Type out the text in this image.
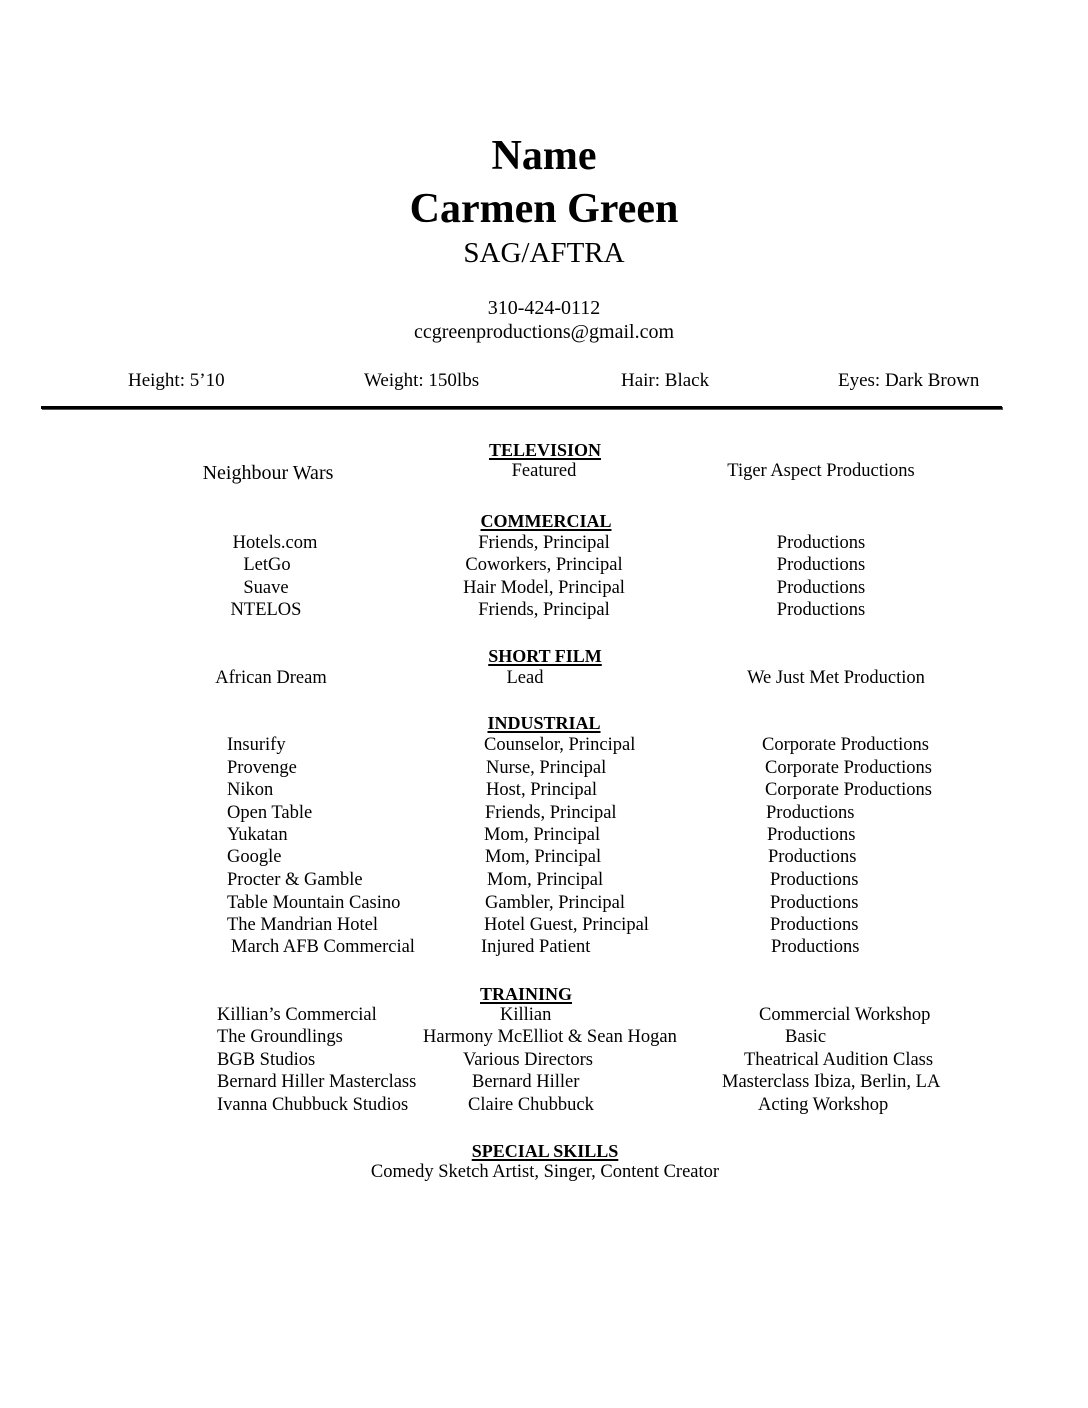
Name
Carmen Green
SAG/AFTRA
310-424-0112
ccgreenproductions@gmail.com
Height: 5’10	Weight: 150lbs	Hair: Black	Eyes: Dark Brown
TELEVISION
Neighbour Wars	Featured	Tiger Aspect Productions
COMMERCIAL
Hotels.com	Friends, Principal	Productions
LetGo	Coworkers, Principal	Productions
Suave	Hair Model, Principal	Productions
NTELOS	Friends, Principal	Productions
SHORT FILM
African Dream	Lead	We Just Met Production
INDUSTRIAL
Insurify	Counselor, Principal	Corporate Productions
Provenge	Nurse, Principal	Corporate Productions
Nikon	Host, Principal	Corporate Productions
Open Table	Friends, Principal	Productions
Yukatan	Mom, Principal	Productions
Google	Mom, Principal	Productions
Procter & Gamble	Mom, Principal	Productions
Table Mountain Casino	Gambler, Principal	Productions
The Mandrian Hotel	Hotel Guest, Principal	Productions
March AFB Commercial	Injured Patient	Productions
TRAINING
Killian’s Commercial	Killian	Commercial Workshop
The Groundlings	Harmony McElliot & Sean Hogan	Basic
BGB Studios	Various Directors	Theatrical Audition Class
Bernard Hiller Masterclass	Bernard Hiller	Masterclass Ibiza, Berlin, LA
Ivanna Chubbuck Studios	Claire Chubbuck	Acting Workshop
SPECIAL SKILLS
Comedy Sketch Artist, Singer, Content Creator
